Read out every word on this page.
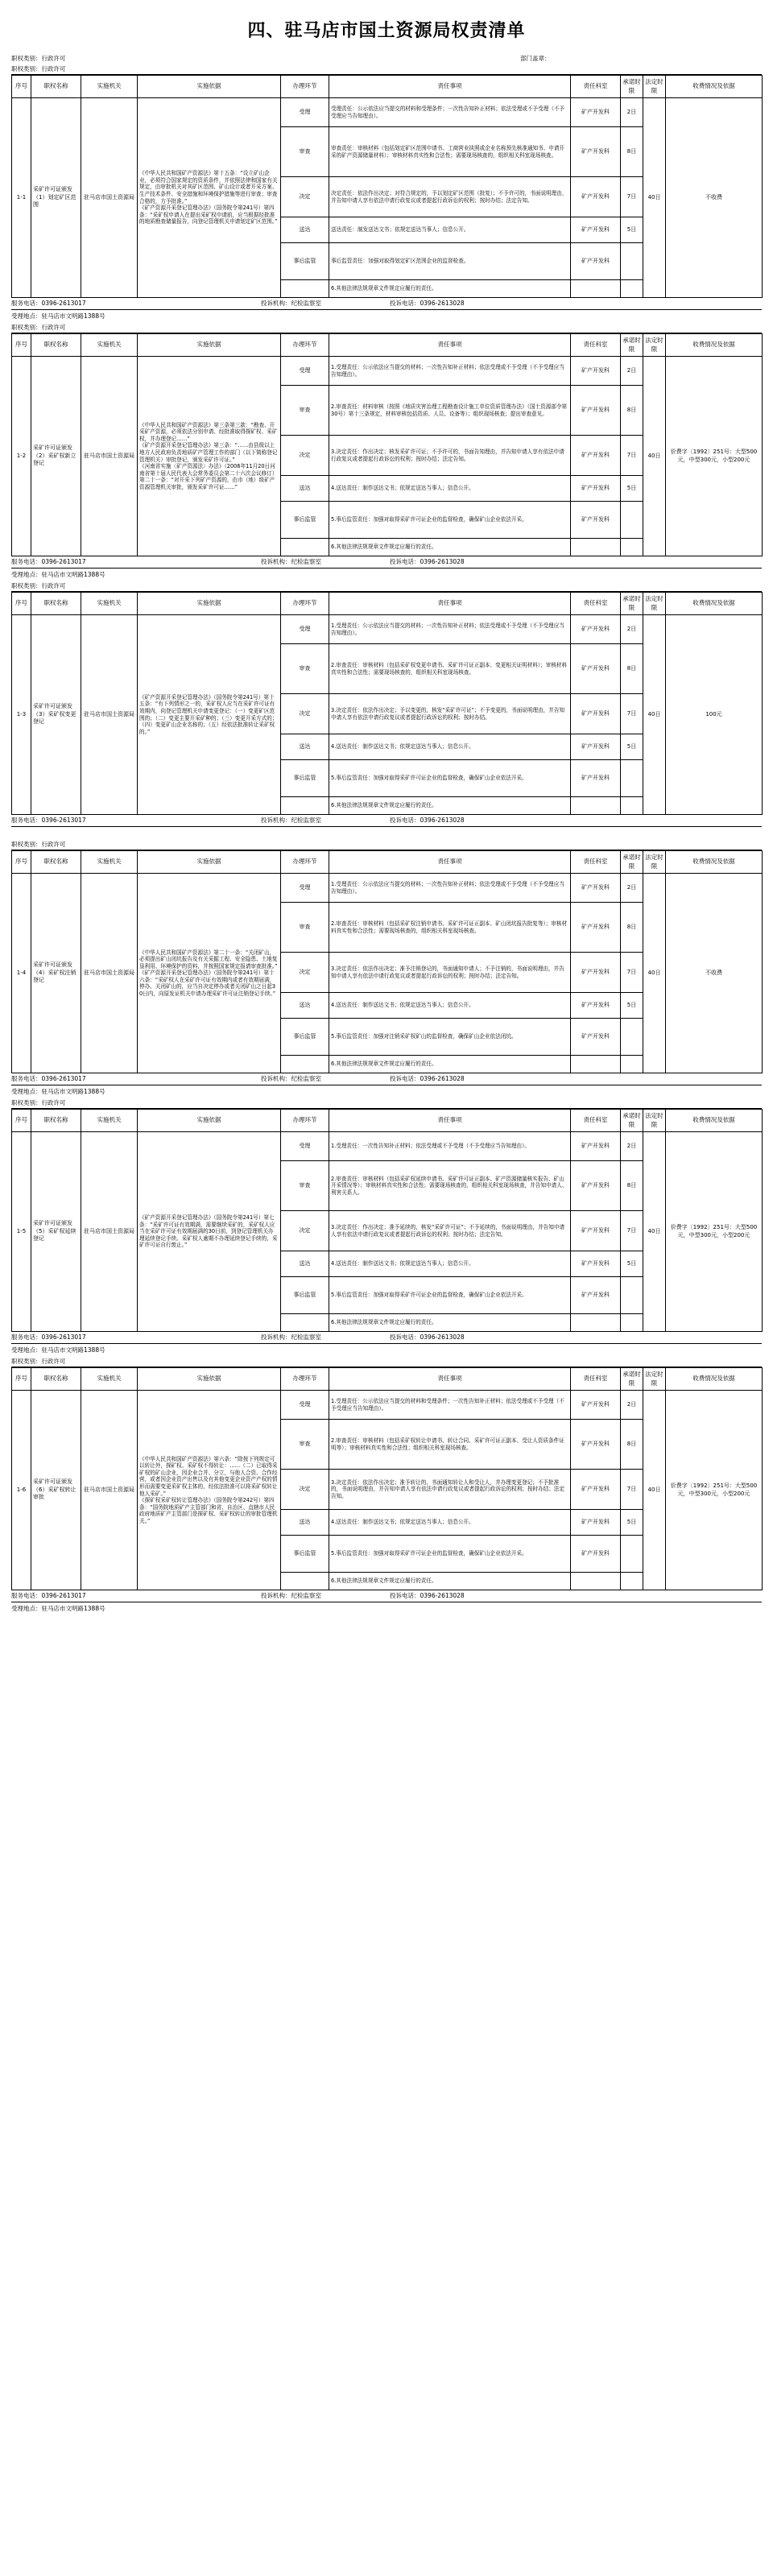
四、驻马店市国土资源局权责清单
职权类别：行政许可	部门盖章：
职权类别：行政许可
序号	职权名称	实施机关	实施依据	办理环节	责任事项	责任科室	承诺时限	法定时限	收费情况及依据
1-1	采矿许可证颁发（1）划定矿区范围	驻马店市国土资源局	《中华人民共和国矿产资源法》第十五条：“设立矿山企业，必须符合国家规定的资质条件，并依照法律和国家有关规定，由审批机关对其矿区范围、矿山设计或者开采方案、生产技术条件、安全措施和环境保护措施等进行审查；审查合格的，方予批准。”
《矿产资源开采登记管理办法》（国务院令第241号）第四条：“采矿权申请人在提出采矿权申请前，应当根据经批准的地质勘查储量报告，向登记管理机关申请划定矿区范围。”	受理	受理责任：公示依法应当提交的材料和受理条件；一次性告知补正材料；依法受理或不予受理（不予受理应当告知理由）。	矿产开发科	2日	40日	不收费
				审查	审查责任：审核材料（包括划定矿区范围申请书、工商营业执照或企业名称预先核准通知书、申请开采的矿产资源储量材料）；审核材料真实性和合法性；需要现场核查的，组织相关科室现场核查。	矿产开发科	8日		
				决定	决定责任：依法作出决定；对符合规定的，予以划定矿区范围（批复）；不予许可的，书面说明理由，并告知申请人享有依法申请行政复议或者提起行政诉讼的权利；按时办结；法定告知。	矿产开发科	7日		
				送达	送达责任：制发送达文书；依规定送达当事人；信息公开。	矿产开发科	5日		
				事后监管	事后监管责任：加强对取得划定矿区范围企业的监督检查。	矿产开发科			
					6.其他法律法规规章文件规定应履行的责任。				
服务电话：0396-2613017	投诉机构：纪检监察室	投诉电话：0396-2613028
受理地点：驻马店市文明路1388号
职权类别：行政许可
序号	职权名称	实施机关	实施依据	办理环节	责任事项	责任科室	承诺时限	法定时限	收费情况及依据
1-2	采矿许可证颁发（2）采矿权新立登记	驻马店市国土资源局	《中华人民共和国矿产资源法》第三条第三款：“勘查、开采矿产资源，必须依法分别申请、经批准取得探矿权、采矿权，并办理登记……”
《矿产资源开采登记管理办法》第三条：“……由县级以上地方人民政府负责地质矿产管理工作的部门（以下简称登记管理机关）审批登记，颁发采矿许可证。”
《河南省实施〈矿产资源法〉办法》（2006年11月20日河南省第十届人民代表大会常务委员会第二十六次会议修订）第二十一条：“对开采下列矿产资源的，由市（地）级矿产资源管理机关审批，颁发采矿许可证……”	受理	1.受理责任：公示依法应当提交的材料；一次性告知补正材料；依法受理或不予受理（不予受理应当告知理由）。	矿产开发科	2日	40日	价费字〔1992〕251号：大型500元，中型300元，小型200元
				审查	2.审查责任：材料审核（按照《地质灾害治理工程勘查设计施工单位资质管理办法》（国土资源部令第30号）第十三条规定，材料审核包括资质、人员、设备等）；组织现场核查；提出审查意见。	矿产开发科	8日		
				决定	3.决定责任：作出决定；核发采矿许可证；不予许可的，书面告知理由，并告知申请人享有依法申请行政复议或者提起行政诉讼的权利；按时办结；法定告知。	矿产开发科	7日		
				送达	4.送达责任：制作送达文书；依规定送达当事人；信息公开。	矿产开发科	5日		
				事后监管	5.事后监管责任：加强对取得采矿许可证企业的监督检查，确保矿山企业依法开采。	矿产开发科			
					6.其他法律法规规章文件规定应履行的责任。				
服务电话：0396-2613017	投诉机构：纪检监察室	投诉电话：0396-2613028
受理地点：驻马店市文明路1388号
职权类别：行政许可
序号	职权名称	实施机关	实施依据	办理环节	责任事项	责任科室	承诺时限	法定时限	收费情况及依据
1-3	采矿许可证颁发（3）采矿权变更登记	驻马店市国土资源局	《矿产资源开采登记管理办法》（国务院令第241号）第十五条：“有下列情形之一的，采矿权人应当在采矿许可证有效期内，向登记管理机关申请变更登记：（一）变更矿区范围的；（二）变更主要开采矿种的；（三）变更开采方式的；（四）变更矿山企业名称的；（五）经依法批准转让采矿权的。”	受理	1.受理责任：公示依法应当提交的材料；一次性告知补正材料；依法受理或不予受理（不予受理应当告知理由）。	矿产开发科	2日	40日	100元
				审查	2.审查责任：审核材料（包括采矿权变更申请书、采矿许可证正副本、变更相关证明材料）；审核材料真实性和合法性；需要现场核查的，组织相关科室现场核查。	矿产开发科	8日		
				决定	3.决定责任：依法作出决定；予以变更的，核发“采矿许可证”；不予变更的，书面说明理由，并告知申请人享有依法申请行政复议或者提起行政诉讼的权利；按时办结。	矿产开发科	7日		
				送达	4.送达责任：制作送达文书；依规定送达当事人；信息公开。	矿产开发科	5日		
				事后监管	5.事后监管责任：加强对取得采矿许可证企业的监督检查，确保矿山企业依法开采。	矿产开发科			
					6.其他法律法规规章文件规定应履行的责任。				
服务电话：0396-2613017	投诉机构：纪检监察室	投诉电话：0396-2613028
职权类别：行政许可
序号	职权名称	实施机关	实施依据	办理环节	责任事项	责任科室	承诺时限	法定时限	收费情况及依据
1-4	采矿许可证颁发（4）采矿权注销登记	驻马店市国土资源局	《中华人民共和国矿产资源法》第二十一条：“关闭矿山，必须提出矿山闭坑报告及有关采掘工程、安全隐患、土地复垦利用、环境保护的资料，并按照国家规定报请审查批准。”
《矿产资源开采登记管理办法》（国务院令第241号）第十六条：“采矿权人在采矿许可证有效期内或者有效期届满，停办、关闭矿山的，应当自决定停办或者关闭矿山之日起30日内，向原发证机关申请办理采矿许可证注销登记手续。”	受理	1.受理责任：公示依法应当提交的材料；一次性告知补正材料；依法受理或不予受理（不予受理应当告知理由）。	矿产开发科	2日	40日	不收费
				审查	2.审查责任：审核材料（包括采矿权注销申请书、采矿许可证正副本、矿山闭坑报告批复等）；审核材料真实性和合法性；需要现场核查的，组织相关科室现场核查。	矿产开发科	8日		
				决定	3.决定责任：依法作出决定；准予注销登记的，书面通知申请人；不予注销的，书面说明理由，并告知申请人享有依法申请行政复议或者提起行政诉讼的权利；按时办结；法定告知。	矿产开发科	7日		
				送达	4.送达责任：制作送达文书；依规定送达当事人；信息公开。	矿产开发科	5日		
				事后监管	5.事后监管责任：加强对注销采矿权矿山的监督检查，确保矿山企业依法闭坑。	矿产开发科			
					6.其他法律法规规章文件规定应履行的责任。				
服务电话：0396-2613017	投诉机构：纪检监察室	投诉电话：0396-2613028
受理地点：驻马店市文明路1388号
职权类别：行政许可
序号	职权名称	实施机关	实施依据	办理环节	责任事项	责任科室	承诺时限	法定时限	收费情况及依据
1-5	采矿许可证颁发（5）采矿权延续登记	驻马店市国土资源局	《矿产资源开采登记管理办法》（国务院令第241号）第七条：“采矿许可证有效期满，需要继续采矿的，采矿权人应当在采矿许可证有效期届满的30日前，到登记管理机关办理延续登记手续。采矿权人逾期不办理延续登记手续的，采矿许可证自行废止。”	受理	1.受理责任：一次性告知补正材料；依法受理或不予受理（不予受理应当告知理由）。	矿产开发科	2日	40日	价费字〔1992〕251号：大型500元，中型300元，小型200元
				审查	2.审查责任：审核材料（包括采矿权延续申请书、采矿许可证正副本、矿产资源储量核实报告、矿山开采情况等）；审核材料真实性和合法性；需要现场核查的，组织相关科室现场核查，并告知申请人、利害关系人。	矿产开发科	8日		
				决定	3.决定责任：作出决定；准予延续的，核发“采矿许可证”；不予延续的，书面说明理由，并告知申请人享有依法申请行政复议或者提起行政诉讼的权利；按时办结；法定告知。	矿产开发科	7日		
				送达	4.送达责任：制作送达文书；依规定送达当事人；信息公开。	矿产开发科	5日		
				事后监管	5.事后监管责任：加强对取得采矿许可证企业的监督检查，确保矿山企业依法开采。	矿产开发科			
					6.其他法律法规规章文件规定应履行的责任。				
服务电话：0396-2613017	投诉机构：纪检监察室	投诉电话：0396-2613028
受理地点：驻马店市文明路1388号
职权类别：行政许可
序号	职权名称	实施机关	实施依据	办理环节	责任事项	责任科室	承诺时限	法定时限	收费情况及依据
1-6	采矿许可证颁发（6）采矿权转让审批	驻马店市国土资源局	《中华人民共和国矿产资源法》第六条：“除按下列规定可以转让外，探矿权、采矿权不得转让：……（二）已取得采矿权的矿山企业，因企业合并、分立，与他人合资、合作经营，或者因企业资产出售以及有其他变更企业资产产权的情形而需要变更采矿权主体的，经依法批准可以将采矿权转让他人采矿。”
《探矿权采矿权转让管理办法》（国务院令第242号）第四条：“国务院地质矿产主管部门和省、自治区、直辖市人民政府地质矿产主管部门是探矿权、采矿权转让的审批管理机关。”	受理	1.受理责任：公示依法应当提交的材料和受理条件；一次性告知补正材料；依法受理或不予受理（不予受理应当告知理由）。	矿产开发科	2日	40日	价费字〔1992〕251号：大型500元，中型300元，小型200元
				审查	2.审查责任：审核材料（包括采矿权转让申请书、转让合同、采矿许可证正副本、受让人资质条件证明等）；审核材料真实性和合法性；组织相关科室现场核查。	矿产开发科	8日		
				决定	3.决定责任：依法作出决定；准予转让的，书面通知转让人和受让人，并办理变更登记；不予批准的，书面说明理由，并告知申请人享有依法申请行政复议或者提起行政诉讼的权利；按时办结；法定告知。	矿产开发科	7日		
				送达	4.送达责任：制作送达文书；依规定送达当事人；信息公开。	矿产开发科	5日		
				事后监管	5.事后监管责任：加强对取得采矿许可证企业的监督检查，确保矿山企业依法开采。	矿产开发科			
					6.其他法律法规规章文件规定应履行的责任。				
服务电话：0396-2613017	投诉机构：纪检监察室	投诉电话：0396-2613028
受理地点：驻马店市文明路1388号
